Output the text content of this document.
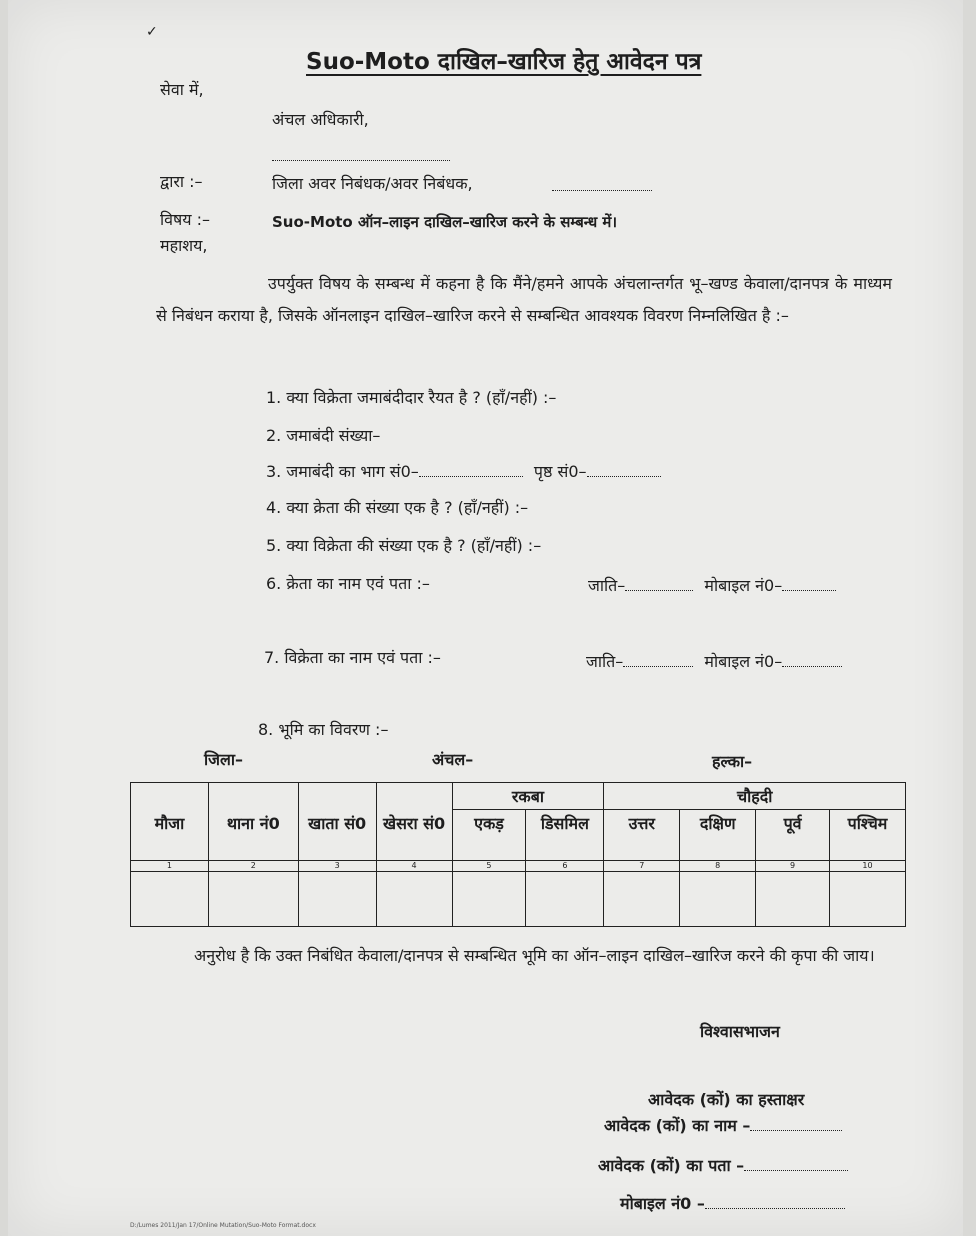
✓
Suo-Moto दाखिल–खारिज हेतु आवेदन पत्र
सेवा में,
अंचल अधिकारी,
द्वारा :–	जिला अवर निबंधक/अवर निबंधक,
विषय :–	Suo-Moto ऑन–लाइन दाखिल–खारिज करने के सम्बन्ध में।
महाशय,
उपर्युक्त विषय के सम्बन्ध में कहना है कि मैंने/हमने आपके अंचलान्तर्गत भू–खण्ड केवाला/दानपत्र के माध्यम से निबंधन कराया है, जिसके ऑनलाइन दाखिल–खारिज करने से सम्बन्धित आवश्यक विवरण निम्नलिखित है :–
1. क्या विक्रेता जमाबंदीदार रैयत है ? (हाँ/नहीं) :–
2. जमाबंदी संख्या–
3. जमाबंदी का भाग सं0–	पृष्ठ सं0–
4. क्या क्रेता की संख्या एक है ? (हाँ/नहीं) :–
5. क्या विक्रेता की संख्या एक है ? (हाँ/नहीं) :–
6. क्रेता का नाम एवं पता :–	जाति–	मोबाइल नं0–
7. विक्रेता का नाम एवं पता :–	जाति–	मोबाइल नं0–
8. भूमि का विवरण :–
जिला–	अंचल–	हल्का–
				रकबा		चौहदी			
मौजा	थाना नं0	खाता सं0	खेसरा सं0	एकड़	डिसमिल	उत्तर	दक्षिण	पूर्व	पश्चिम
1	2	3	4	5	6	7	8	9	10

अनुरोध है कि उक्त निबंधित केवाला/दानपत्र से सम्बन्धित भूमि का ऑन–लाइन दाखिल–खारिज करने की कृपा की जाय।
विश्वासभाजन
आवेदक (कों) का हस्ताक्षर
आवेदक (कों) का नाम –
आवेदक (कों) का पता –
मोबाइल नं0 –
D:/Lumes 2011/Jan 17/Online Mutation/Suo-Moto Format.docx
